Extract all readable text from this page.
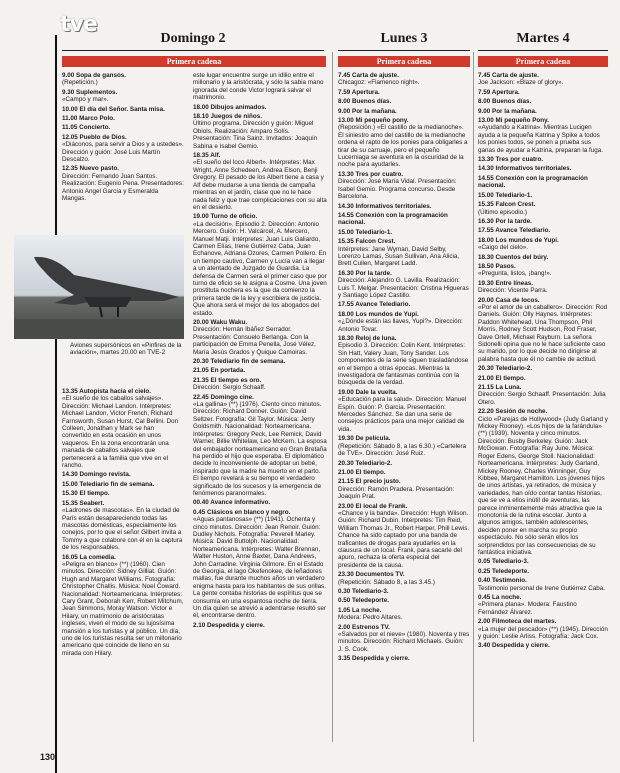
tve
Domingo 2	Lunes 3	Martes 4
Primera cadena	Primera cadena	Primera cadena
9.00 Sopa de gansos.
(Repetición.)
9.30 Suplementos.
«Campo y mar».
10.00 El día del Señor. Santa misa.
11.00 Marco Polo.
11.05 Concierto.
12.05 Pueblo de Dios.
«Diáconos, para servir a Dios y a ustedes». Dirección y guión: José Luis Martín Descalzo.
12.35 Nuevo pasto.
Dirección: Fernando Juan Santos. Realización: Eugenio Pena. Presentadores: Antonio Angel García y Esmeralda Mangas.
13.35 Autopista hacia el cielo.
«El sueño de los caballos salvajes». Dirección: Michael Landon. Intérpretes: Michael Landon, Victor French, Richard Farnsworth, Susan Hurst, Cal Bellini. Don Colleen, Jonathan y Mark se han convertido en esta ocasión en unos vaqueros. En la zona encontrarán una manada de caballos salvajes que pertenecerá a la familia que vive en el rancho.
14.30 Domingo revista.
15.00 Telediario fin de semana.
15.30 El tiempo.
15.35 Seabert.
«Ladrones de mascotas». En la ciudad de París están desapareciendo todas las mascotas domésticas, especialmente los conejos, por lo que el señor Gilbert invita a Tommy a que colabore con él en la captura de los responsables.
16.05 La comedia.
«Peligra en blanco» (**) (1960). Cien minutos. Dirección: Sidney Gilliat. Guión: Hugh and Margaret Williams. Fotografía: Christopher Challis. Música: Noel Coward. Nacionalidad: Norteamericana. Intérpretes: Cary Grant, Deborah Kerr, Robert Mitchum, Jean Simmons, Moray Watson. Victor e Hilary, un matrimonio de aristócratas ingleses, viven el modo de su lujosísima mansión a los turistas y al público. Un día, uno de los turistas resulta ser un millonario americano que coincide de lleno en su mirada con Hilary.
este lugar encuentre surge un idilio entre el millonario y la aristócrata, y sólo la sabia mano ignorada del conde Victor logrará salvar el matrimonio.
18.00 Dibujos animados.
18.10 Juegos de niños.
Último programa. Dirección y guión: Miguel Obiols. Realización: Amparo Solís. Presentación: Tina Sainz. Invitados: Joaquín Sabina e Isabel Gemio.
18.35 Alf.
«El sueño del loco Albert». Intérpretes: Max Wright, Anne Schedeen, Andrea Elson, Benji Gregory. El pesado de los Albert tiene a casa y Alf debe mudarse a una tienda de campaña mientras en el jardín, clase que no le hace nada feliz y que trae complicaciones con su alta en el desierto.
19.00 Turno de oficio.
«La decisión». Episodio 2. Dirección: Antonio Mercero. Guión: H. Valcárcel, A. Mercero, Manuel Matji. Intérpretes: Juan Luis Galiardo, Carmen Elías, Irene Gutiérrez Caba, Juan Echanove, Adriana Ozores, Carmen Pollero. En un tiempo cautivo, Carmen y Lucía van a llegar a un atentado de Juzgado de Guardia. La defensa de Carmen será el primer caso que por turno de oficio se le asigna a Cosme. Una joven prostituta nochera es la que da comienzo la primera tarde de la ley y escribiera de justicia. Que ahora será el mejor de los abogados del estado.
20.00 Waku Waku.
Dirección: Hernán Ibáñez Serrador. Presentación: Consuelo Berlanga. Con la participación de Emma Penella, José Vélez, María Jesús Grados y Quique Camoiras.
20.30 Telediario fin de semana.
21.05 En portada.
21.35 El tiempo es oro.
Dirección: Sergio Schaaff.
22.45 Domingo cine.
«La gallina» (**) (1976). Ciento cinco minutos. Dirección: Richard Donner. Guión: David Seltzer. Fotografía: Gil Taylor. Música: Jerry Goldsmith. Nacionalidad: Norteamericana. Intérpretes: Gregory Peck, Lee Remick, David Warner, Billie Whitelaw, Leo McKern. La esposa del embajador norteamericano en Gran Bretaña ha perdido el hijo que esperaba. El diplomático decide lo inconveniente de adoptar un bebé, inspirado que la madre ha muerto en el parto. El tiempo revelará a su tiempo el verdadero significado de los sucesos y la emergencia de fenómenos paranormales.
00.40 Avance informativo.
0.45 Clásicos en blanco y negro.
«Aguas pantanosas» (**) (1941). Ochenta y cinco minutos. Dirección: Jean Renoir. Guión: Dudley Nichols. Fotografía: Peverell Marley. Música: David Buttolph. Nacionalidad: Norteamericana. Intérpretes: Walter Brennan, Walter Huston, Anne Baxter, Dana Andrews, John Carradine. Virginia Gilmore. En el Estado de Georgia, el lago Okefenokee, de leñadores mallas, fue durante muchos años un verdadero enigma hasta para los habitantes de sus orillas. La gente contaba historias de espíritus que se consumía en una espantosa noche de tierra. Un día quien se atrevió a adentrarse resultó ser él, encontrarse dentro.
2.10 Despedida y cierre.
7.45 Carta de ajuste.
Chicagoz: «Flamenco night».
7.59 Apertura.
8.00 Buenos días.
9.00 Por la mañana.
13.00 Mi pequeño pony.
(Reposición.) «El castillo de la medianoche». El siniestro amo del castillo de la medianoche ordena el rapto de los ponies para obligarles a tirar de su carruaje, pero el pequeño Lucerniaga se aventura en la oscuridad de la noche para ayudarles.
13.30 Tres por cuatro.
Dirección: José María Vidal. Presentación: Isabel Gemio. Programa concurso. Desde Barcelona.
14.30 Informativos territoriales.
14.55 Conexión con la programación nacional.
15.00 Telediario-1.
15.35 Falcon Crest.
Intérpretes: Jane Wyman, David Selby, Lorenzo Lamas, Susan Sullivan, Ana Alicia, Brett Cullen, Margaret Ladd.
16.30 Por la tarde.
Dirección: Alejandro G. Lavilla. Realización: Luis T. Melgar. Presentación: Cristina Higueras y Santiago López Castillo.
17.55 Avance Telediario.
18.00 Los mundos de Yupi.
«¿Dónde están las llaves, Yupi?». Dirección: Antonio Tovar.
18.30 Reloj de luna.
Episodio 3. Dirección: Colin Kent. Intérpretes: Sin Hatt, Valery Juan, Tony Sander. Los componentes de la serie siguen trasladándose en el tiempo a otras épocas. Mientras la investigadora de fantasmas continúa con la búsqueda de la verdad.
19.00 Dale la vuelta.
«Educación para la salud». Dirección: Manuel Espín. Guión: P. García. Presentación: Mercedes Sánchez. Se dan una serie de consejos prácticos para una mejor calidad de vida.
19.30 De película.
(Repetición: Sábado 8, a las 6.30.) «Cartelera de TVE». Dirección: José Ruiz.
20.30 Telediario-2.
21.00 El tiempo.
21.15 El precio justo.
Dirección: Ramón Pradera. Presentación: Joaquín Prat.
23.00 El local de Frank.
«Chance y la banda». Dirección: Hugh Wilson. Guión: Richard Dubin. Intérpretes: Tim Reid, William Thomas Jr., Robert Harper, Phill Lewis. Chance ha sido captado por una banda de traficantes de drogas para ayudarles en la clausura de un local. Frank, para sacarle del apuro, rechaza la oferta especial del presidente de la causa.
23.30 Documentos TV.
(Repetición: Sábado 8, a las 3.45.)
0.30 Telediario-3.
0.50 Teledeporte.
1.05 La noche.
Modera: Pedro Altares.
2.00 Estrenos TV.
«Salvados por el nieve» (1980). Noventa y tres minutos. Dirección: Richard Michaels. Guión: J. S. Cook.
3.35 Despedida y cierre.
7.45 Carta de ajuste.
Joe Jackson: «Blaze of glory».
7.59 Apertura.
8.00 Buenos días.
9.00 Por la mañana.
13.00 Mi pequeño Pony.
«Ayudando a Katrina». Mientras Lucigen ayuda a la pequeña Katrina y Spike a todos los ponies todos, se ponen a prueba sus ganas de ayudar a Katrina, preparan la fuga.
13.30 Tres por cuatro.
14.30 Informativos territoriales.
14.55 Conexión con la programación nacional.
15.00 Telediario-1.
15.35 Falcon Crest.
(Último episodio.)
16.30 Por la tarde.
17.55 Avance Telediario.
18.00 Los mundos de Yupi.
«Caigo del cielo».
18.30 Cuentos del búry.
18.50 Pasos.
«Pregunta, listos, ¡bang!».
19.30 Entre líneas.
Dirección: Vicente Parra.
20.00 Casa de locos.
«Por el amor de un caballero». Dirección: Rod Daniels. Guión: Olly Haynes. Intérpretes: Paddon Whitehead, Una Thompson, Phil Morris, Rodney Scott Hudson, Rod Fraser, Dave Ortell, Michael Rayburn. La señora Sidonelli opina que no le hace suficiente caso su marido, por lo que decide no dirigirse al palabra hasta que él no cambie de actitud.
20.30 Telediario-2.
21.00 El tiempo.
21.15 La Luna.
Dirección: Sergio Schaaff. Presentación: Julia Otero.
22.20 Sesión de noche.
Ciclo «Parejas de Hollywood» (Judy Garland y Mickey Rooney). «Los hijos de la farándula» (**) (1939). Noventa y cinco minutos. Dirección: Busby Berkeley. Guión: Jack McGowan. Fotografía: Ray June. Música: Roger Edens, George Stoll. Nacionalidad: Norteamericana. Intérpretes: Judy Garland, Mickey Rooney, Charles Winninger, Guy Kibbee, Margaret Hamilton. Los jóvenes hijos de unos artistas, ya retirados, de música y variedades, han oído contar tantas historias, que se ve a ellos inútil de aventuras, las parece inminentemente más atractiva que la monotonía de la rutina escolar. Junto a algunos amigos, también adolescentes, deciden poner en marcha su propio espectáculo. No sólo serán ellos los sorprendidos por las consecuencias de su fantástica iniciativa.
0.05 Telediario-3.
0.25 Teledeporte.
0.40 Testimonio.
Testimonio personal de Irene Gutiérrez Caba.
0.45 La noche.
«Primera plana». Modera: Faustino Fernández Álvarez.
2.00 Filmoteca del martes.
«La mujer del pescador» (**) (1945). Dirección y guión: Leslie Arliss. Fotografía: Jack Cox.
3.40 Despedida y cierre.
Aviones supersónicos en «Pinfires de la aviación», martes 20.00 en TVE-2
130
